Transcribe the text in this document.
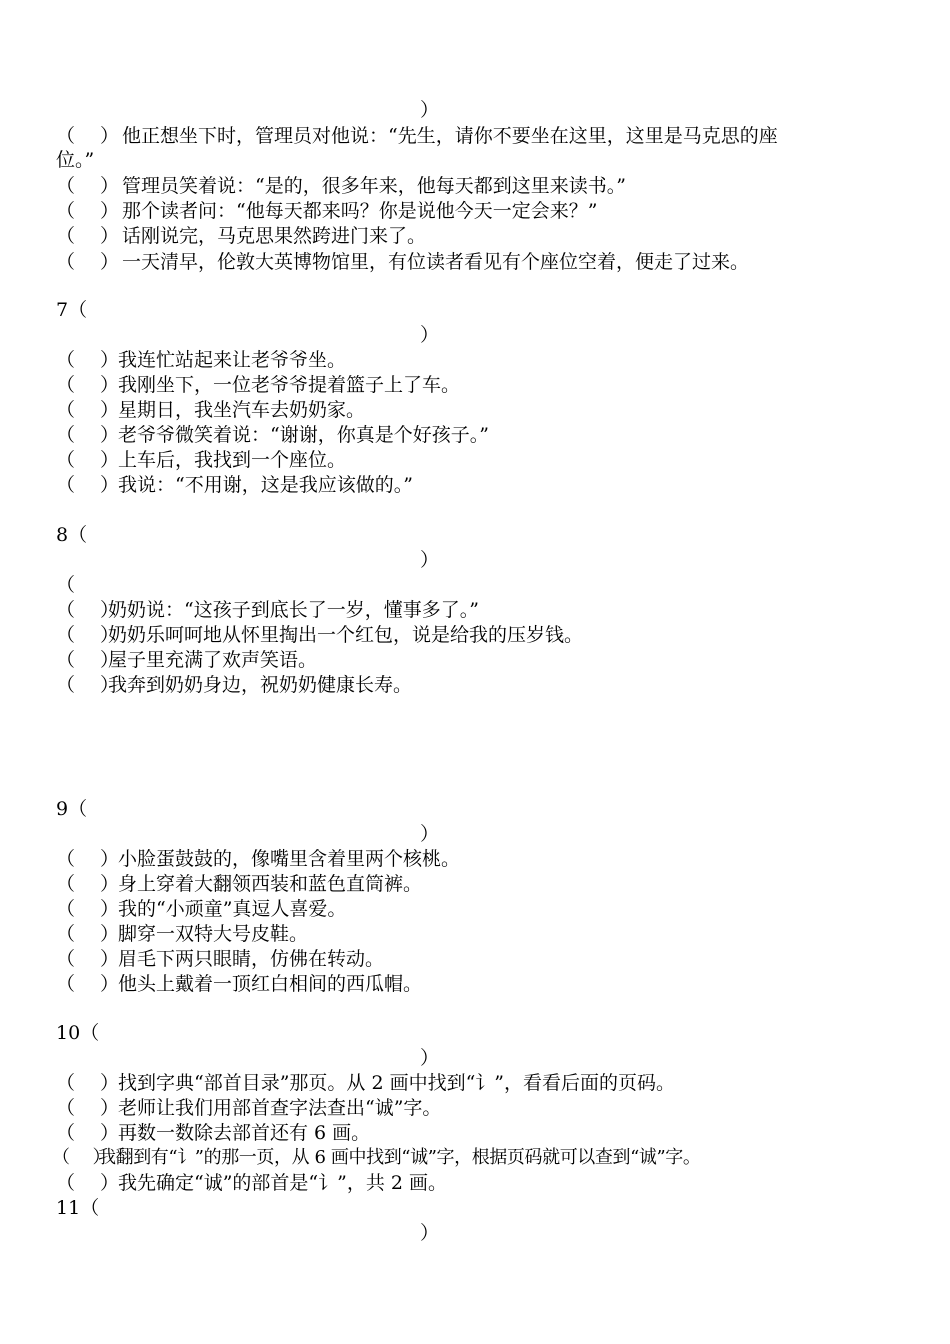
）
（　 ） 他正想坐下时，管理员对他说：“先生，请你不要坐在这里，这里是马克思的座
位。”
（　 ） 管理员笑着说：“是的，很多年来，他每天都到这里来读书。”
（　 ） 那个读者问：“他每天都来吗？你是说他今天一定会来？”
（　 ） 话刚说完，马克思果然跨进门来了。
（　 ） 一天清早，伦敦大英博物馆里，有位读者看见有个座位空着，便走了过来。
7（
）
（　 ）
我连忙站起来让老爷爷坐。
（　 ）
我刚坐下，一位老爷爷提着篮子上了车。
（　 ）
星期日，我坐汽车去奶奶家。
（　 ）
老爷爷微笑着说：“谢谢，你真是个好孩子。”
（　 ）
上车后，我找到一个座位。
（　 ）
我说：“不用谢，这是我应该做的。”
8（
）
（
（　 ）
奶奶说：“这孩子到底长了一岁，懂事多了。”
（　 ）
奶奶乐呵呵地从怀里掏出一个红包，说是给我的压岁钱。
（　 ）
屋子里充满了欢声笑语。
（　 ）
我奔到奶奶身边，祝奶奶健康长寿。
9（
）
（　 ）
小脸蛋鼓鼓的，像嘴里含着里两个核桃。
（　 ）
身上穿着大翻领西装和蓝色直筒裤。
（　 ）
我的“小顽童”真逗人喜爱。
（　 ）
脚穿一双特大号皮鞋。
（　 ）
眉毛下两只眼睛，仿佛在转动。
（　 ）
他头上戴着一顶红白相间的西瓜帽。
10（
）
（　 ）
找到字典“部首目录”那页。从 2 画中找到“讠”，看看后面的页码。
（　 ）
老师让我们用部首查字法查出“诚”字。
（　 ）
再数一数除去部首还有 6 画。
（　 ）
我翻到有“讠”的那一页，从 6 画中找到“诚”字，根据页码就可以查到“诚”字。
（　 ）
我先确定“诚”的部首是“讠”，共 2 画。
11（
）
